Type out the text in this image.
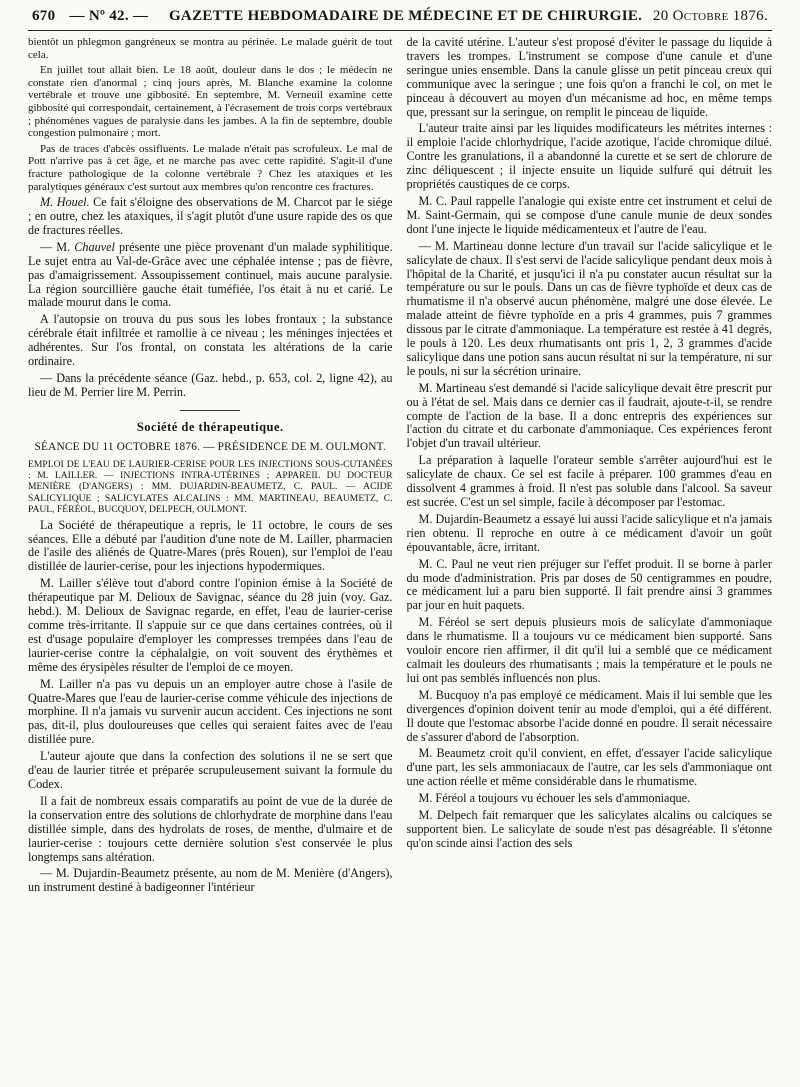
670 — Nº 42. —	GAZETTE HEBDOMADAIRE DE MÉDECINE ET DE CHIRURGIE. 20 Octobre 1876.

bientôt un phlegmon gangréneux se montra au périnée. Le malade guérit de tout cela.

En juillet tout allait bien. Le 18 août, douleur dans le dos ; le médecin ne constate rien d'anormal ; cinq jours après, M. Blanche examine la colonne vertébrale et trouve une gibbosité. En septembre, M. Verneuil examine cette gibbosité qui correspondait, certainement, à l'écrasement de trois corps vertébraux ; phénomènes vagues de paralysie dans les jambes. A la fin de septembre, double congestion pulmonaire ; mort.

Pas de traces d'abcès ossifluents. Le malade n'était pas scrofuleux. Le mal de Pott n'arrive pas à cet âge, et ne marche pas avec cette rapidité. S'agit-il d'une fracture pathologique de la colonne vertébrale ? Chez les ataxiques et les paralytiques généraux c'est surtout aux membres qu'on rencontre ces fractures.

M. Houel. Ce fait s'éloigne des observations de M. Charcot par le siége ; en outre, chez les ataxiques, il s'agit plutôt d'une usure rapide des os que de fractures réelles.

— M. Chauvel présente une pièce provenant d'un malade syphilitique. Le sujet entra au Val-de-Grâce avec une céphalée intense ; pas de fièvre, pas d'amaigrissement. Assoupissement continuel, mais aucune paralysie. La région sourcillière gauche était tuméfiée, l'os était à nu et carié. Le malade mourut dans le coma.

A l'autopsie on trouva du pus sous les lobes frontaux ; la substance cérébrale était infiltrée et ramollie à ce niveau ; les méninges injectées et adhérentes. Sur l'os frontal, on constata les altérations de la carie ordinaire.

— Dans la précédente séance (Gaz. hebd., p. 653, col. 2, ligne 42), au lieu de M. Perrier lire M. Perrin.

Société de thérapeutique.
SÉANCE DU 11 OCTOBRE 1876. — PRÉSIDENCE DE M. OULMONT.

EMPLOI DE L'EAU DE LAURIER-CERISE POUR LES INJECTIONS SOUS-CUTANÉES : M. LAILLER. — INJECTIONS INTRA-UTÉRINES ; APPAREIL DU DOCTEUR MENIÈRE (D'ANGERS) : MM. DUJARDIN-BEAUMETZ, C. PAUL. — ACIDE SALICYLIQUE ; SALICYLATES ALCALINS : MM. MARTINEAU, BEAUMETZ, C. PAUL, FÉRÉOL, BUCQUOY, DELPECH, OULMONT.

La Société de thérapeutique a repris, le 11 octobre, le cours de ses séances. Elle a débuté par l'audition d'une note de M. Lailler, pharmacien de l'asile des aliénés de Quatre-Mares (près Rouen), sur l'emploi de l'eau distillée de laurier-cerise, pour les injections hypodermiques.

M. Lailler s'élève tout d'abord contre l'opinion émise à la Société de thérapeutique par M. Delioux de Savignac, séance du 28 juin (voy. Gaz. hebd.). M. Delioux de Savignac regarde, en effet, l'eau de laurier-cerise comme très-irritante. Il s'appuie sur ce que dans certaines contrées, où il est d'usage populaire d'employer les compresses trempées dans l'eau de laurier-cerise contre la céphalalgie, on voit souvent des érythèmes et même des érysipèles résulter de l'emploi de ce moyen.

M. Lailler n'a pas vu depuis un an employer autre chose à l'asile de Quatre-Mares que l'eau de laurier-cerise comme véhicule des injections de morphine. Il n'a jamais vu survenir aucun accident. Ces injections ne sont pas, dit-il, plus douloureuses que celles qui seraient faites avec de l'eau distillée pure.

L'auteur ajoute que dans la confection des solutions il ne se sert que d'eau de laurier titrée et préparée scrupuleusement suivant la formule du Codex.

Il a fait de nombreux essais comparatifs au point de vue de la durée de la conservation entre des solutions de chlorhydrate de morphine dans l'eau distillée simple, dans des hydrolats de roses, de menthe, d'ulmaire et de laurier-cerise : toujours cette dernière solution s'est conservée le plus longtemps sans altération.

— M. Dujardin-Beaumetz présente, au nom de M. Menière (d'Angers), un instrument destiné à badigeonner l'intérieur

de la cavité utérine. L'auteur s'est proposé d'éviter le passage du liquide à travers les trompes. L'instrument se compose d'une canule et d'une seringue unies ensemble. Dans la canule glisse un petit pinceau creux qui communique avec la seringue ; une fois qu'on a franchi le col, on met le pinceau à découvert au moyen d'un mécanisme ad hoc, en même temps que, pressant sur la seringue, on remplit le pinceau de liquide.

L'auteur traite ainsi par les liquides modificateurs les métrites internes : il emploie l'acide chlorhydrique, l'acide azotique, l'acide chromique dilué. Contre les granulations, il a abandonné la curette et se sert de chlorure de zinc déliquescent ; il injecte ensuite un liquide sulfuré qui détruit les propriétés caustiques de ce corps.

M. C. Paul rappelle l'analogie qui existe entre cet instrument et celui de M. Saint-Germain, qui se compose d'une canule munie de deux sondes dont l'une injecte le liquide médicamenteux et l'autre de l'eau.

— M. Martineau donne lecture d'un travail sur l'acide salicylique et le salicylate de chaux. Il s'est servi de l'acide salicylique pendant deux mois à l'hôpital de la Charité, et jusqu'ici il n'a pu constater aucun résultat sur la température ou sur le pouls. Dans un cas de fièvre typhoïde et deux cas de rhumatisme il n'a observé aucun phénomène, malgré une dose élevée. Le malade atteint de fièvre typhoïde en a pris 4 grammes, puis 7 grammes dissous par le citrate d'ammoniaque. La température est restée à 41 degrés, le pouls à 120. Les deux rhumatisants ont pris 1, 2, 3 grammes d'acide salicylique dans une potion sans aucun résultat ni sur la température, ni sur le pouls, ni sur la sécrétion urinaire.

M. Martineau s'est demandé si l'acide salicylique devait être prescrit pur ou à l'état de sel. Mais dans ce dernier cas il faudrait, ajoute-t-il, se rendre compte de l'action de la base. Il a donc entrepris des expériences sur l'action du citrate et du carbonate d'ammoniaque. Ces expériences feront l'objet d'un travail ultérieur.

La préparation à laquelle l'orateur semble s'arrêter aujourd'hui est le salicylate de chaux. Ce sel est facile à préparer. 100 grammes d'eau en dissolvent 4 grammes à froid. Il n'est pas soluble dans l'alcool. Sa saveur est sucrée. C'est un sel simple, facile à décomposer par l'estomac.

M. Dujardin-Beaumetz a essayé lui aussi l'acide salicylique et n'a jamais rien obtenu. Il reproche en outre à ce médicament d'avoir un goût épouvantable, âcre, irritant.

M. C. Paul ne veut rien préjuger sur l'effet produit. Il se borne à parler du mode d'administration. Pris par doses de 50 centigrammes en poudre, ce médicament lui a paru bien supporté. Il fait prendre ainsi 3 grammes par jour en huit paquets.

M. Féréol se sert depuis plusieurs mois de salicylate d'ammoniaque dans le rhumatisme. Il a toujours vu ce médicament bien supporté. Sans vouloir encore rien affirmer, il dit qu'il lui a semblé que ce médicament calmait les douleurs des rhumatisants ; mais la température et le pouls ne lui ont pas semblés influencés non plus.

M. Bucquoy n'a pas employé ce médicament. Mais il lui semble que les divergences d'opinion doivent tenir au mode d'emploi, qui a été différent. Il doute que l'estomac absorbe l'acide donné en poudre. Il serait nécessaire de s'assurer d'abord de l'absorption.

M. Beaumetz croit qu'il convient, en effet, d'essayer l'acide salicylique d'une part, les sels ammoniacaux de l'autre, car les sels d'ammoniaque ont une action réelle et même considérable dans le rhumatisme.

M. Féréol a toujours vu échouer les sels d'ammoniaque.

M. Delpech fait remarquer que les salicylates alcalins ou calciques se supportent bien. Le salicylate de soude n'est pas désagréable. Il s'étonne qu'on scinde ainsi l'action des sels
